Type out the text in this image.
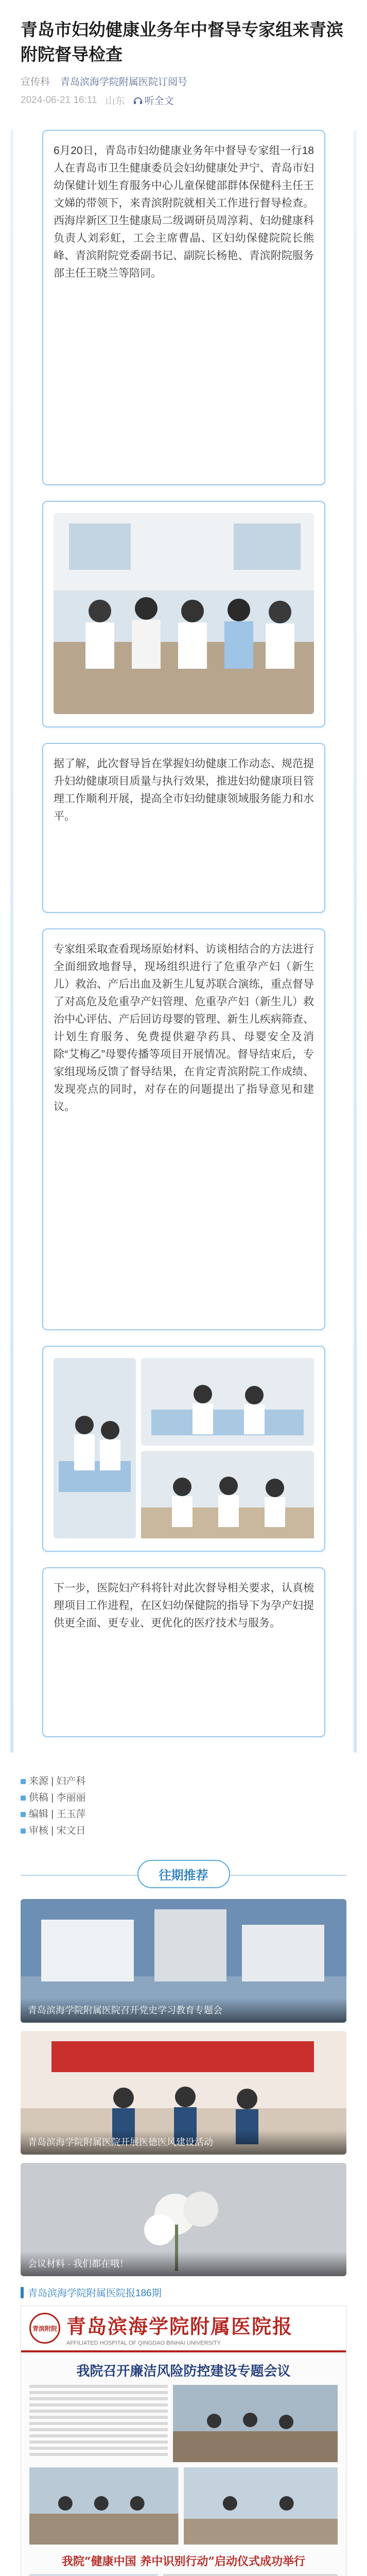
青岛市妇幼健康业务年中督导专家组来青滨附院督导检查
宣传科 青岛滨海学院附属医院订阅号
2024-06-21 16:11 山东 听全文

6月20日，青岛市妇幼健康业务年中督导专家组一行18人在青岛市卫生健康委员会妇幼健康处尹宁、青岛市妇幼保健计划生育服务中心儿童保健部群体保健科主任王文娣的带领下，来青滨附院就相关工作进行督导检查。西海岸新区卫生健康局二级调研员周淳莉、妇幼健康科负责人刘彩虹，工会主席曹晶、区妇幼保健院院长熊峰、青滨附院党委副书记、副院长杨艳、青滨附院服务部主任王晓兰等陪同。

据了解，此次督导旨在掌握妇幼健康工作动态、规范提升妇幼健康项目质量与执行效果，推进妇幼健康项目管理工作顺利开展，提高全市妇幼健康领域服务能力和水平。

专家组采取查看现场原始材料、访谈相结合的方法进行全面细致地督导，现场组织进行了危重孕产妇（新生儿）救治、产后出血及新生儿复苏联合演练，重点督导了对高危及危重孕产妇管理、危重孕产妇（新生儿）救治中心评估、产后回访母婴的管理、新生儿疾病筛查、计划生育服务、免费提供避孕药具、母婴安全及消除“艾梅乙”母婴传播等项目开展情况。督导结束后，专家组现场反馈了督导结果，在肯定青滨附院工作成绩、发现亮点的同时，对存在的问题提出了指导意见和建议。

下一步，医院妇产科将针对此次督导相关要求，认真梳理项目工作进程，在区妇幼保健院的指导下为孕产妇提供更全面、更专业、更优化的医疗技术与服务。

来源 | 妇产科
供稿 | 李丽丽
编辑 | 王玉萍
审核 | 宋文日
往期推荐
青岛滨海学院附属医院召开党史学习教育专题会
青岛滨海学院附属医院开展医德医风建设活动
会议材料 · 我们都在哦！
青岛滨海学院附属医院报186期
青滨附院 青岛滨海学院附属医院报
AFFILIATED HOSPITAL OF QINGDAO BINHAI UNIVERSITY
我院召开廉洁风险防控建设专题会议
我院“健康中国 养中识别行动”启动仪式成功举行
